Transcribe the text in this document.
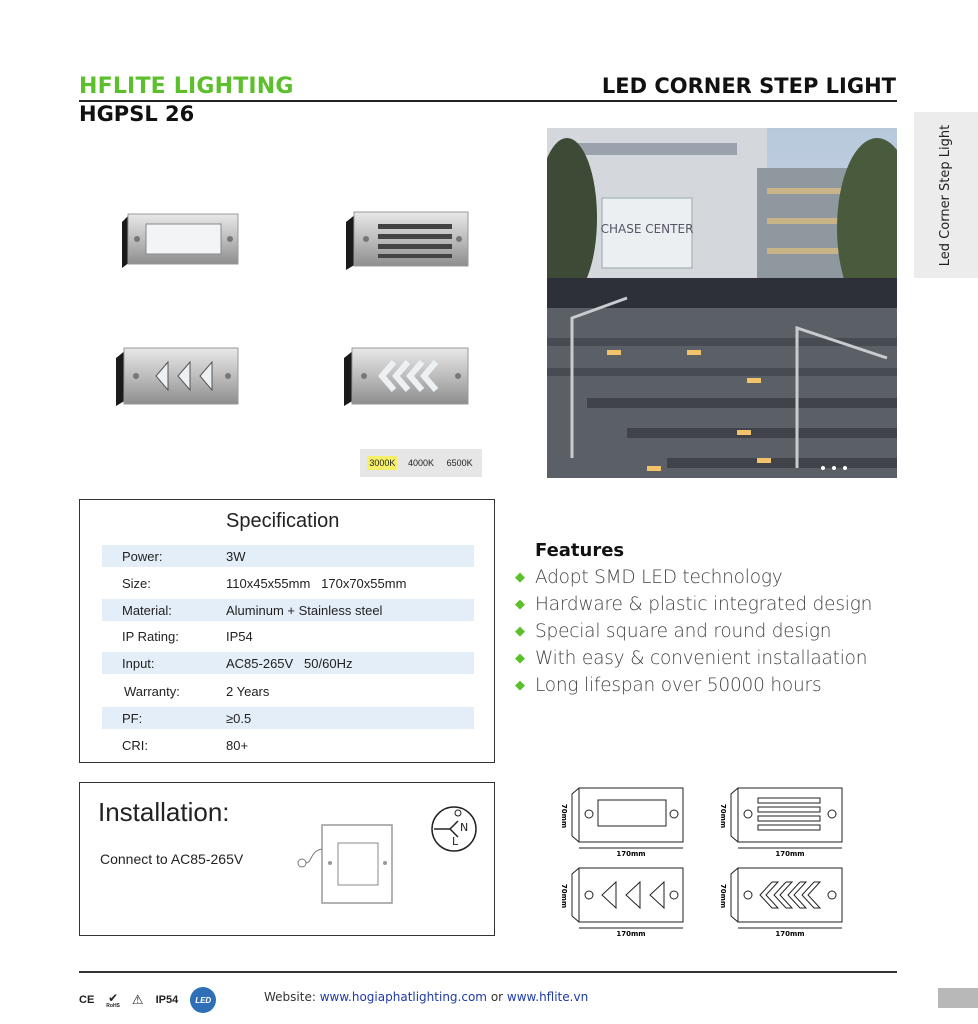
HFLITE LIGHTING	LED CORNER STEP LIGHT
HGPSL 26
Led Corner Step Light
3000K 4000K 6500K
CHASE CENTER
Specification
Power:	3W
Size:	110x45x55mm   170x70x55mm
Material:	Aluminum + Stainless steel
IP Rating:	IP54
Input:	AC85-265V   50/60Hz
Warranty:	2 Years
PF:	≥0.5
CRI:	80+
Features
◆ Adopt SMD LED technology
◆ Hardware & plastic integrated design
◆ Special square and round design
◆ With easy & convenient installaation
◆ Long lifespan over 50000 hours
Installation:
Connect to AC85-265V
N
L
170mm
70mm
170mm
70mm
170mm
70mm
170mm
70mm
CE ✔
RoHS ⚠ IP54	LED	Website: www.hogiaphatlighting.com or www.hflite.vn
